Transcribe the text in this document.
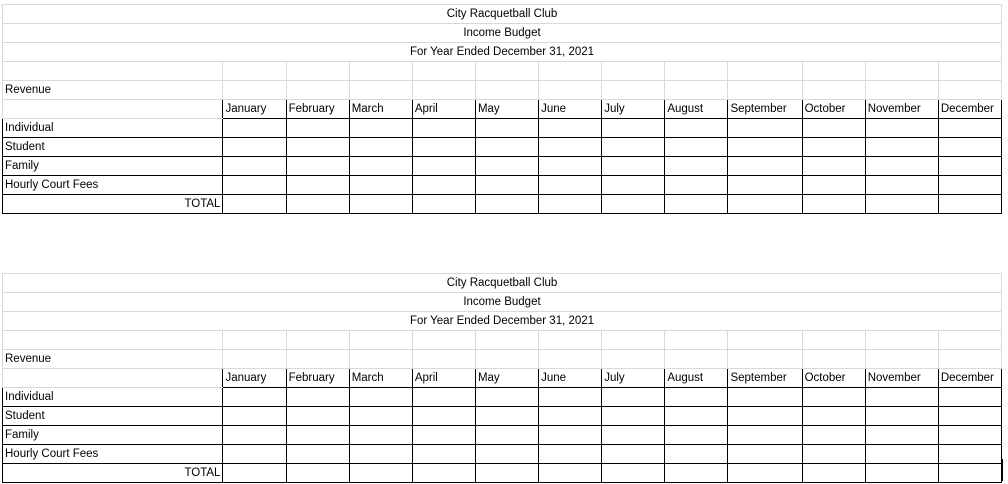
City Racquetball Club												
Income Budget												
For Year Ended December 31, 2021												

Revenue												
	January	February	March	April	May	June	July	August	September	October	November	December
Individual												
Student												
Family												
Hourly Court Fees												
TOTAL												
City Racquetball Club												
Income Budget												
For Year Ended December 31, 2021												

Revenue												
	January	February	March	April	May	June	July	August	September	October	November	December
Individual												
Student												
Family												
Hourly Court Fees												
TOTAL												
